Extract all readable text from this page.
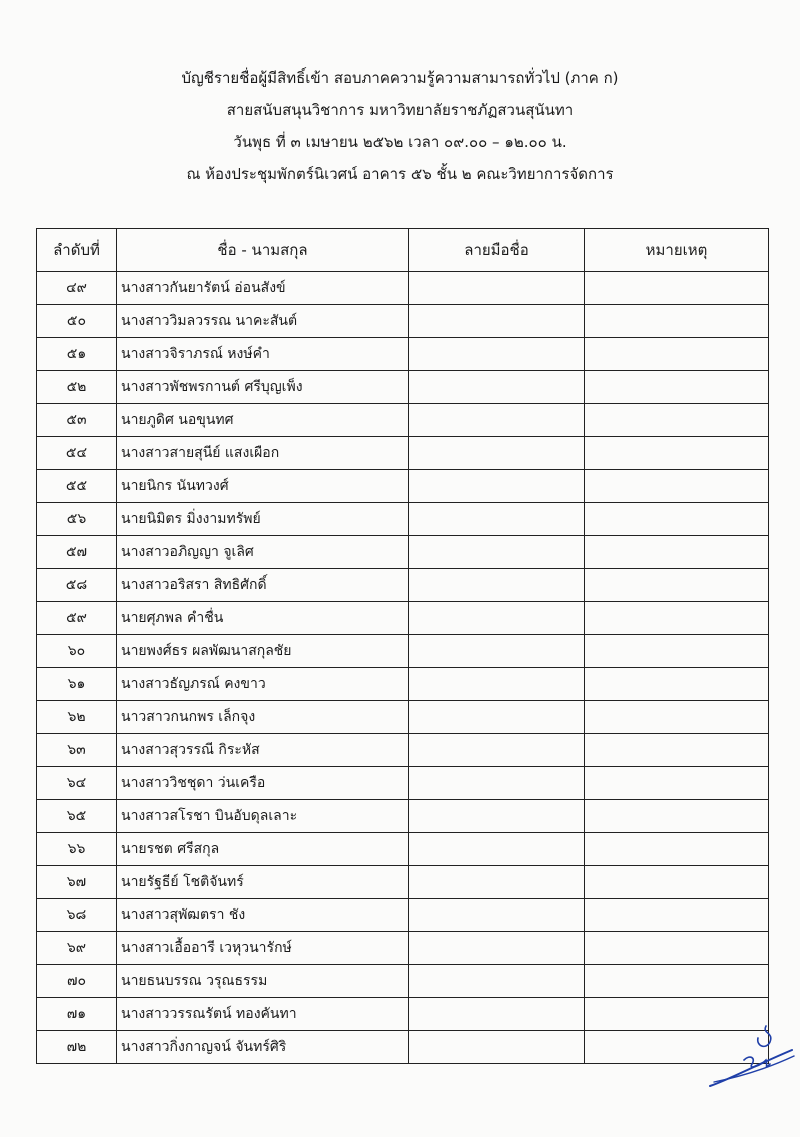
บัญชีรายชื่อผู้มีสิทธิ์เข้า สอบภาคความรู้ความสามารถทั่วไป (ภาค ก)
สายสนับสนุนวิชาการ มหาวิทยาลัยราชภัฏสวนสุนันทา
วันพุธ ที่ ๓ เมษายน ๒๕๖๒ เวลา ๐๙.๐๐ – ๑๒.๐๐ น.
ณ ห้องประชุมพักตร์นิเวศน์ อาคาร ๕๖ ชั้น ๒ คณะวิทยาการจัดการ
ลำดับที่	ชื่อ - นามสกุล	ลายมือชื่อ	หมายเหตุ
๔๙	นางสาวกันยารัตน์ อ่อนสังข์		
๕๐	นางสาววิมลวรรณ นาคะสันต์		
๕๑	นางสาวจิราภรณ์ หงษ์คำ		
๕๒	นางสาวพัชพรกานต์ ศรีบุญเพ็ง		
๕๓	นายภูดิศ นอขุนทศ		
๕๔	นางสาวสายสุนีย์ แสงเผือก		
๕๕	นายนิกร นันทวงศ์		
๕๖	นายนิมิตร มิ่งงามทรัพย์		
๕๗	นางสาวอภิญญา จูเลิศ		
๕๘	นางสาวอริสรา สิทธิศักดิ์		
๕๙	นายศุภพล คำชื่น		
๖๐	นายพงศ์ธร ผลพัฒนาสกุลชัย		
๖๑	นางสาวธัญภรณ์ คงขาว		
๖๒	นาวสาวกนกพร เล็กจุง		
๖๓	นางสาวสุวรรณี กิระหัส		
๖๔	นางสาววิชชุดา ว่นเครือ		
๖๕	นางสาวสโรชา บินอับดุลเลาะ		
๖๖	นายรชต ศรีสกุล		
๖๗	นายรัฐธีย์ โชติจันทร์		
๖๘	นางสาวสุพัฒตรา ชัง		
๖๙	นางสาวเอื้ออารี เวหุวนารักษ์		
๗๐	นายธนบรรณ วรุณธรรม		
๗๑	นางสาววรรณรัตน์ ทองคันทา		
๗๒	นางสาวกิ่งกาญจน์ จันทร์ศิริ		
